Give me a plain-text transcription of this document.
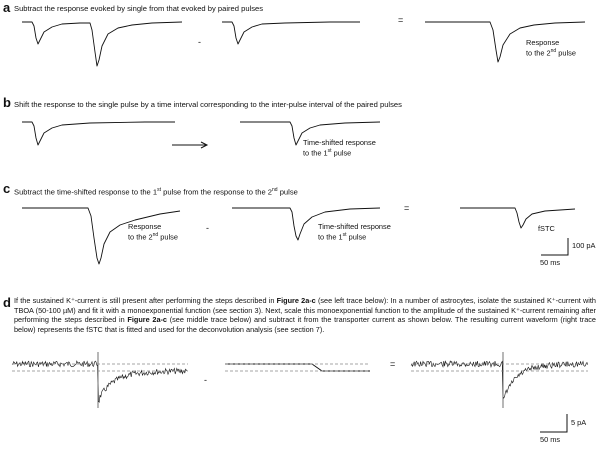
a Subtract the response evoked by single from that evoked by paired pulses
-
=
Response
to the 2nd pulse
b Shift the response to the single pulse by a time interval corresponding to the inter-pulse interval of the paired pulses
Time-shifted response
to the 1st pulse
c Subtract the time-shifted response to the 1st pulse from the response to the 2nd pulse
Response
to the 2nd pulse
-	Time-shifted response
to the 1st pulse
=
fSTC
100 pA
50 ms
d If the sustained K⁺-current is still present after performing the steps described in Figure 2a-c (see left trace below): In a number of astrocytes, isolate the sustained K⁺-current with TBOA (50-100 µM) and fit it with a monoexponential function (see section 3). Next, scale this monoexponential function to the amplitude of the sustained K⁺-current remaining after performing the steps described in Figure 2a-c (see middle trace below) and subtract it from the transporter current as shown below. The resulting current waveform (right trace below) represents the fSTC that is fitted and used for the deconvolution analysis (see section 7).
-
=
5 pA
50 ms
